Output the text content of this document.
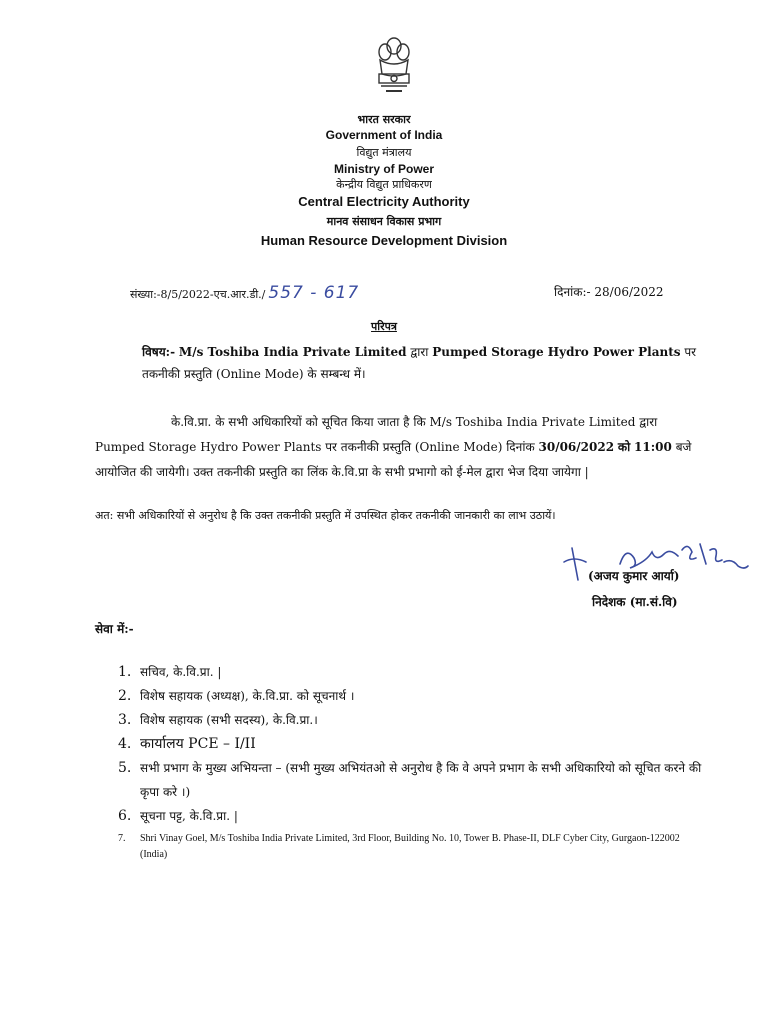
भारत सरकार
Government of India
विद्युत मंत्रालय
Ministry of Power
केन्द्रीय विद्युत प्राधिकरण
Central Electricity Authority
मानव संसाधन विकास प्रभाग
Human Resource Development Division
संख्या:-8/5/2022-एच.आर.डी./ 557 - 617	दिनांक:- 28/06/2022
परिपत्र
विषय:- M/s Toshiba India Private Limited द्वारा Pumped Storage Hydro Power Plants पर तकनीकी प्रस्तुति (Online Mode) के सम्बन्ध में।
के.वि.प्रा. के सभी अधिकारियों को सूचित किया जाता है कि M/s Toshiba India Private Limited द्वारा Pumped Storage Hydro Power Plants पर तकनीकी प्रस्तुति (Online Mode) दिनांक 30/06/2022 को 11:00 बजे आयोजित की जायेगी। उक्त तकनीकी प्रस्तुति का लिंक के.वि.प्रा के सभी प्रभागो को ई-मेल द्वारा भेज दिया जायेगा |
अत: सभी अधिकारियों से अनुरोध है कि उक्त तकनीकी प्रस्तुति में उपस्थित होकर तकनीकी जानकारी का लाभ उठायें।
(अजय कुमार आर्या)
निदेशक (मा.सं.वि)
सेवा में:-
1. सचिव, के.वि.प्रा. |
2. विशेष सहायक (अध्यक्ष), के.वि.प्रा. को सूचनार्थ ।
3. विशेष सहायक (सभी सदस्य), के.वि.प्रा.।
4. कार्यालय PCE – I/II
5. सभी प्रभाग के मुख्य अभियन्ता – (सभी मुख्य अभियंतओ से अनुरोध है कि वे अपने प्रभाग के सभी अधिकारियो को सूचित करने की कृपा करे ।)
6. सूचना पट्ट, के.वि.प्रा. |
7. Shri Vinay Goel, M/s Toshiba India Private Limited, 3rd Floor, Building No. 10, Tower B. Phase-II, DLF Cyber City, Gurgaon-122002 (India)
